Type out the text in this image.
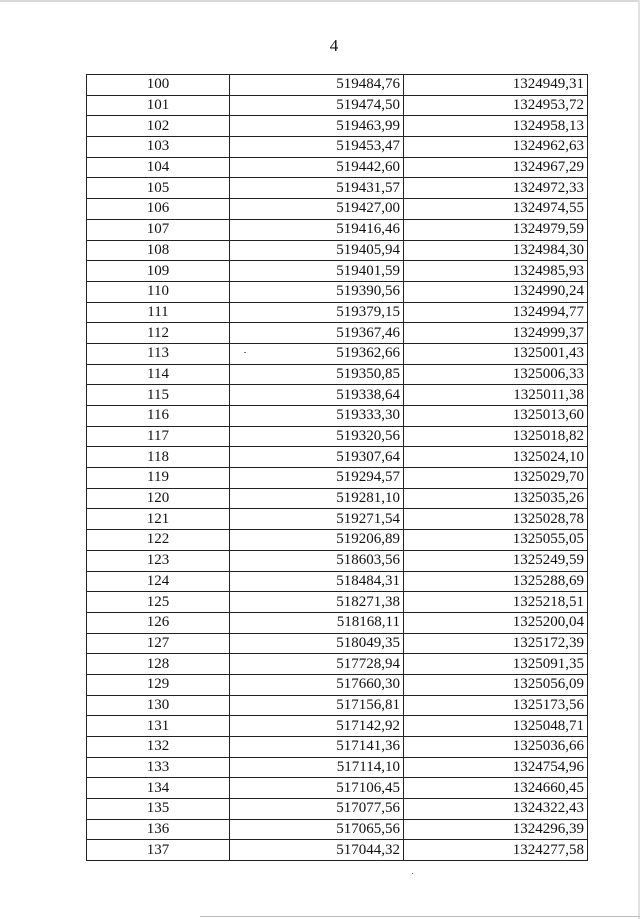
4
100	519484,76	1324949,31
101	519474,50	1324953,72
102	519463,99	1324958,13
103	519453,47	1324962,63
104	519442,60	1324967,29
105	519431,57	1324972,33
106	519427,00	1324974,55
107	519416,46	1324979,59
108	519405,94	1324984,30
109	519401,59	1324985,93
110	519390,56	1324990,24
111	519379,15	1324994,77
112	519367,46	1324999,37
113	519362,66	1325001,43
114	519350,85	1325006,33
115	519338,64	1325011,38
116	519333,30	1325013,60
117	519320,56	1325018,82
118	519307,64	1325024,10
119	519294,57	1325029,70
120	519281,10	1325035,26
121	519271,54	1325028,78
122	519206,89	1325055,05
123	518603,56	1325249,59
124	518484,31	1325288,69
125	518271,38	1325218,51
126	518168,11	1325200,04
127	518049,35	1325172,39
128	517728,94	1325091,35
129	517660,30	1325056,09
130	517156,81	1325173,56
131	517142,92	1325048,71
132	517141,36	1325036,66
133	517114,10	1324754,96
134	517106,45	1324660,45
135	517077,56	1324322,43
136	517065,56	1324296,39
137	517044,32	1324277,58
